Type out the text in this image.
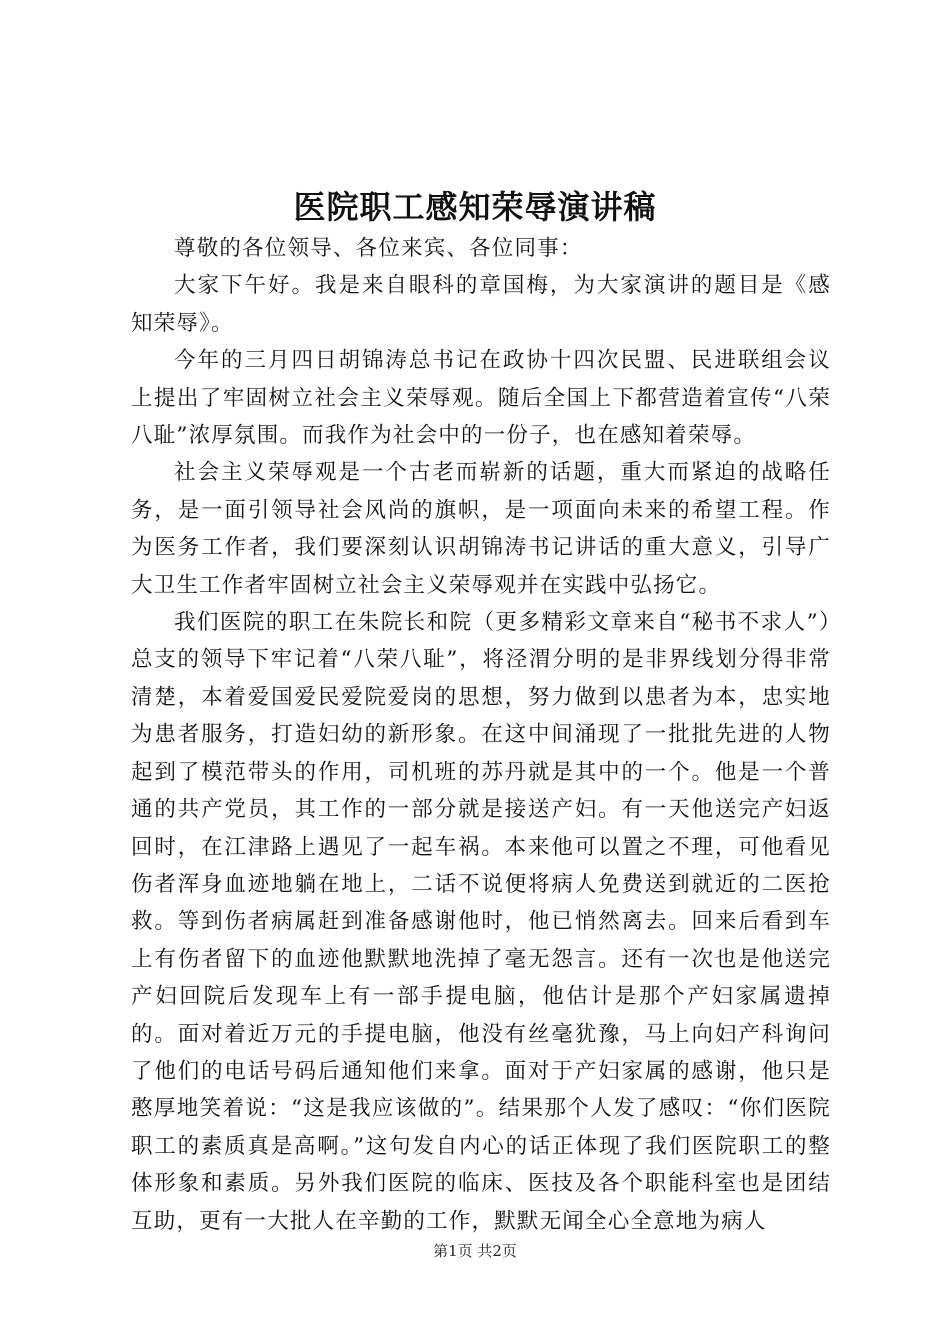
医院职工感知荣辱演讲稿

尊敬的各位领导、各位来宾、各位同事：

大家下午好。我是来自眼科的章国梅，为大家演讲的题目是《感知荣辱》。

今年的三月四日胡锦涛总书记在政协十四次民盟、民进联组会议上提出了牢固树立社会主义荣辱观。随后全国上下都营造着宣传“八荣八耻”浓厚氛围。而我作为社会中的一份子，也在感知着荣辱。

社会主义荣辱观是一个古老而崭新的话题，重大而紧迫的战略任务，是一面引领导社会风尚的旗帜，是一项面向未来的希望工程。作为医务工作者，我们要深刻认识胡锦涛书记讲话的重大意义，引导广大卫生工作者牢固树立社会主义荣辱观并在实践中弘扬它。

我们医院的职工在朱院长和院（更多精彩文章来自“秘书不求人”）总支的领导下牢记着“八荣八耻”，将泾渭分明的是非界线划分得非常清楚，本着爱国爱民爱院爱岗的思想，努力做到以患者为本，忠实地为患者服务，打造妇幼的新形象。在这中间涌现了一批批先进的人物起到了模范带头的作用，司机班的苏丹就是其中的一个。他是一个普通的共产党员，其工作的一部分就是接送产妇。有一天他送完产妇返回时，在江津路上遇见了一起车祸。本来他可以置之不理，可他看见伤者浑身血迹地躺在地上，二话不说便将病人免费送到就近的二医抢救。等到伤者病属赶到准备感谢他时，他已悄然离去。回来后看到车上有伤者留下的血迹他默默地洗掉了毫无怨言。还有一次也是他送完产妇回院后发现车上有一部手提电脑，他估计是那个产妇家属遗掉的。面对着近万元的手提电脑，他没有丝毫犹豫，马上向妇产科询问了他们的电话号码后通知他们来拿。面对于产妇家属的感谢，他只是憨厚地笑着说：“这是我应该做的”。结果那个人发了感叹：“你们医院职工的素质真是高啊。”这句发自内心的话正体现了我们医院职工的整体形象和素质。另外我们医院的临床、医技及各个职能科室也是团结互助，更有一大批人在辛勤的工作，默默无闻全心全意地为病人

第1页 共2页
